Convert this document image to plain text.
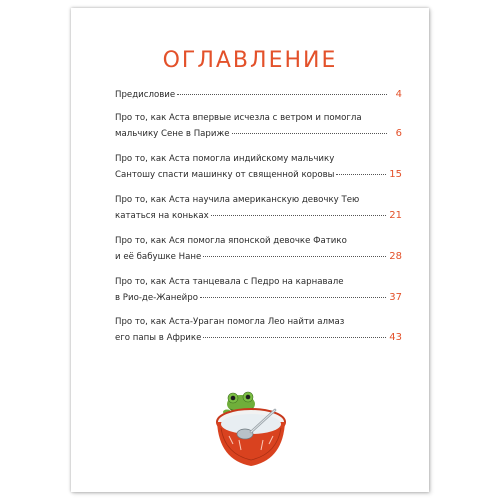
ОГЛАВЛЕНИЕ
Предисловие	4
Про то, как Аста впервые исчезла с ветром и помогла
мальчику Сене в Париже	6
Про то, как Аста помогла индийскому мальчику
Сантошу спасти машинку от священной коровы	15
Про то, как Аста научила американскую девочку Тею
кататься на коньках	21
Про то, как Ася помогла японской девочке Фатико
и её бабушке Нане	28
Про то, как Аста танцевала с Педро на карнавале
в Рио-де-Жанейро	37
Про то, как Аста-Ураган помогла Лео найти алмаз
его папы в Африке	43
